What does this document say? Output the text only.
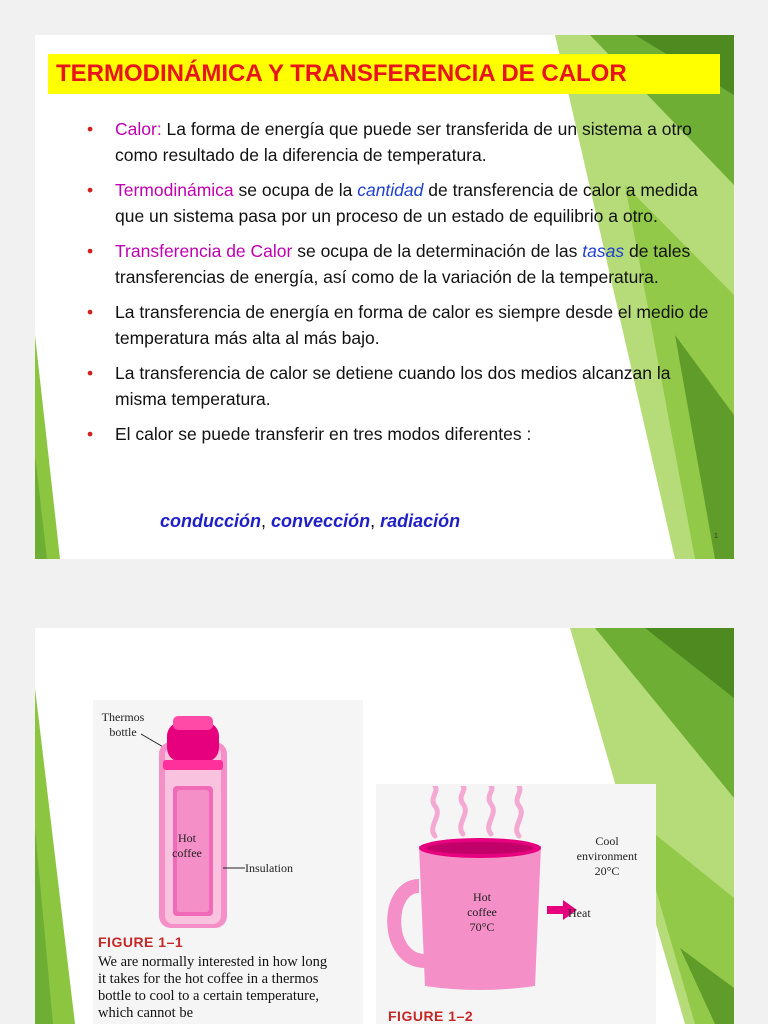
TERMODINÁMICA Y TRANSFERENCIA DE CALOR
• Calor: La forma de energía que puede ser transferida de un sistema a otro como resultado de la diferencia de temperatura.
• Termodinámica se ocupa de la cantidad de transferencia de calor a medida que un sistema pasa por un proceso de un estado de equilibrio a otro.
• Transferencia de Calor se ocupa de la determinación de las tasas de tales transferencias de energía, así como de la variación de la temperatura.
• La transferencia de energía en forma de calor es siempre desde el medio de temperatura más alta al más bajo.
• La transferencia de calor se detiene cuando los dos medios alcanzan la misma temperatura.
• El calor se puede transferir en tres modos diferentes :
conducción, convección, radiación
1
Thermos
bottle
Hot
coffee
Insulation
FIGURE 1–1
We are normally interested in how long it takes for the hot coffee in a thermos bottle to cool to a certain temperature, which cannot be
Hot
coffee
70°C
Cool
environment
20°C
Heat
FIGURE 1–2
